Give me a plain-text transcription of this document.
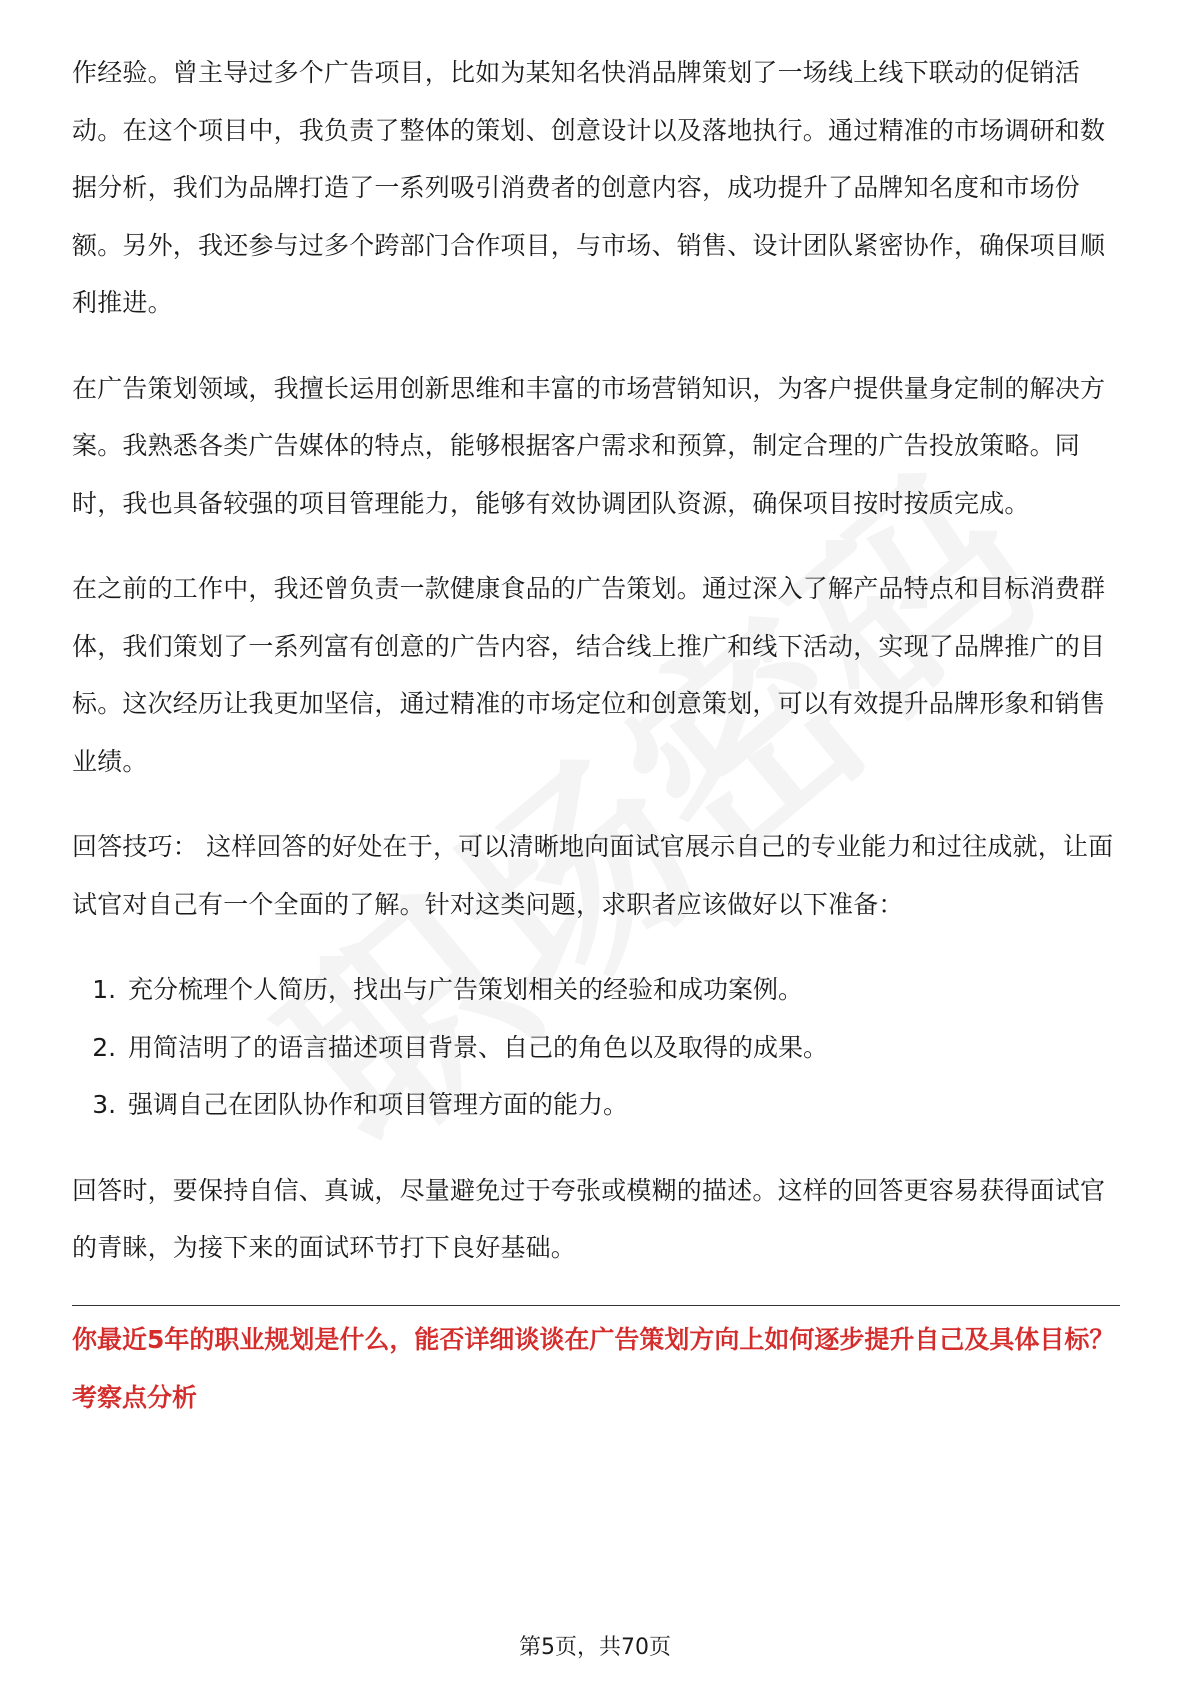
作经验。曾主导过多个广告项目，比如为某知名快消品牌策划了一场线上线下联动的促销活动。在这个项目中，我负责了整体的策划、创意设计以及落地执行。通过精准的市场调研和数据分析，我们为品牌打造了一系列吸引消费者的创意内容，成功提升了品牌知名度和市场份额。另外，我还参与过多个跨部门合作项目，与市场、销售、设计团队紧密协作，确保项目顺利推进。

在广告策划领域，我擅长运用创新思维和丰富的市场营销知识，为客户提供量身定制的解决方案。我熟悉各类广告媒体的特点，能够根据客户需求和预算，制定合理的广告投放策略。同时，我也具备较强的项目管理能力，能够有效协调团队资源，确保项目按时按质完成。

在之前的工作中，我还曾负责一款健康食品的广告策划。通过深入了解产品特点和目标消费群体，我们策划了一系列富有创意的广告内容，结合线上推广和线下活动，实现了品牌推广的目标。这次经历让我更加坚信，通过精准的市场定位和创意策划，可以有效提升品牌形象和销售业绩。

回答技巧： 这样回答的好处在于，可以清晰地向面试官展示自己的专业能力和过往成就，让面试官对自己有一个全面的了解。针对这类问题，求职者应该做好以下准备：

1. 充分梳理个人简历，找出与广告策划相关的经验和成功案例。
2. 用简洁明了的语言描述项目背景、自己的角色以及取得的成果。
3. 强调自己在团队协作和项目管理方面的能力。

回答时，要保持自信、真诚，尽量避免过于夸张或模糊的描述。这样的回答更容易获得面试官的青睐，为接下来的面试环节打下良好基础。

你最近5年的职业规划是什么，能否详细谈谈在广告策划方向上如何逐步提升自己及具体目标？
考察点分析
第5页，共70页
